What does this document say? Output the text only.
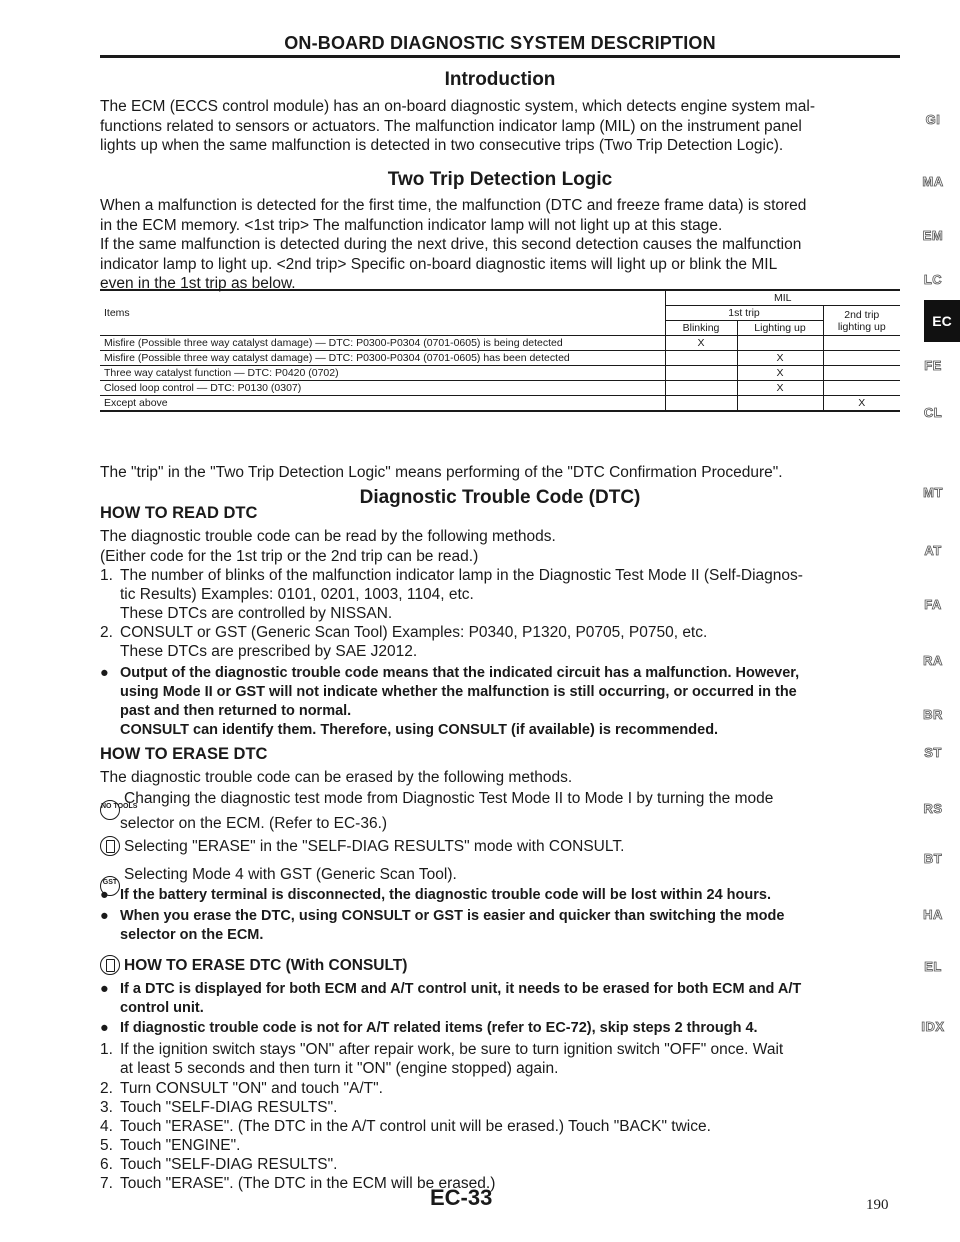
ON-BOARD DIAGNOSTIC SYSTEM DESCRIPTION
Introduction
The ECM (ECCS control module) has an on-board diagnostic system, which detects engine system mal-
functions related to sensors or actuators. The malfunction indicator lamp (MIL) on the instrument panel
lights up when the same malfunction is detected in two consecutive trips (Two Trip Detection Logic).
Two Trip Detection Logic
When a malfunction is detected for the first time, the malfunction (DTC and freeze frame data) is stored
in the ECM memory. <1st trip> The malfunction indicator lamp will not light up at this stage.
If the same malfunction is detected during the next drive, this second detection causes the malfunction
indicator lamp to light up. <2nd trip> Specific on-board diagnostic items will light up or blink the MIL
even in the 1st trip as below.
Items	MIL		
	1st trip		2nd trip lighting up
	Blinking	Lighting up	
Misfire (Possible three way catalyst damage) — DTC: P0300-P0304 (0701-0605) is being detected	X		
Misfire (Possible three way catalyst damage) — DTC: P0300-P0304 (0701-0605) has been detected		X	
Three way catalyst function — DTC: P0420 (0702)		X	
Closed loop control — DTC: P0130 (0307)		X	
Except above			X
The "trip" in the "Two Trip Detection Logic" means performing of the "DTC Confirmation Procedure".
Diagnostic Trouble Code (DTC)
HOW TO READ DTC
The diagnostic trouble code can be read by the following methods.
(Either code for the 1st trip or the 2nd trip can be read.)
1. The number of blinks of the malfunction indicator lamp in the Diagnostic Test Mode II (Self-Diagnos-
tic Results) Examples: 0101, 0201, 1003, 1104, etc.
These DTCs are controlled by NISSAN.
2. CONSULT or GST (Generic Scan Tool) Examples: P0340, P1320, P0705, P0750, etc.
These DTCs are prescribed by SAE J2012.
● Output of the diagnostic trouble code means that the indicated circuit has a malfunction. However,
using Mode II or GST will not indicate whether the malfunction is still occurring, or occurred in the
past and then returned to normal.
CONSULT can identify them. Therefore, using CONSULT (if available) is recommended.
HOW TO ERASE DTC
The diagnostic trouble code can be erased by the following methods.
NO TOOLSChanging the diagnostic test mode from Diagnostic Test Mode II to Mode I by turning the mode
selector on the ECM. (Refer to EC-36.)
Selecting "ERASE" in the "SELF-DIAG RESULTS" mode with CONSULT.
GST Selecting Mode 4 with GST (Generic Scan Tool).
● If the battery terminal is disconnected, the diagnostic trouble code will be lost within 24 hours.
● When you erase the DTC, using CONSULT or GST is easier and quicker than switching the mode
selector on the ECM.
HOW TO ERASE DTC (With CONSULT)
● If a DTC is displayed for both ECM and A/T control unit, it needs to be erased for both ECM and A/T
control unit.
● If diagnostic trouble code is not for A/T related items (refer to EC-72), skip steps 2 through 4.
1. If the ignition switch stays "ON" after repair work, be sure to turn ignition switch "OFF" once. Wait
at least 5 seconds and then turn it "ON" (engine stopped) again.
2. Turn CONSULT "ON" and touch "A/T".
3. Touch "SELF-DIAG RESULTS".
4. Touch "ERASE". (The DTC in the A/T control unit will be erased.) Touch "BACK" twice.
5. Touch "ENGINE".
6. Touch "SELF-DIAG RESULTS".
7. Touch "ERASE". (The DTC in the ECM will be erased.)
EC-33	190
GI
MA
EM
LC
EC
FE
CL
MT
AT
FA
RA
BR
ST
RS
BT
HA
EL
IDX
